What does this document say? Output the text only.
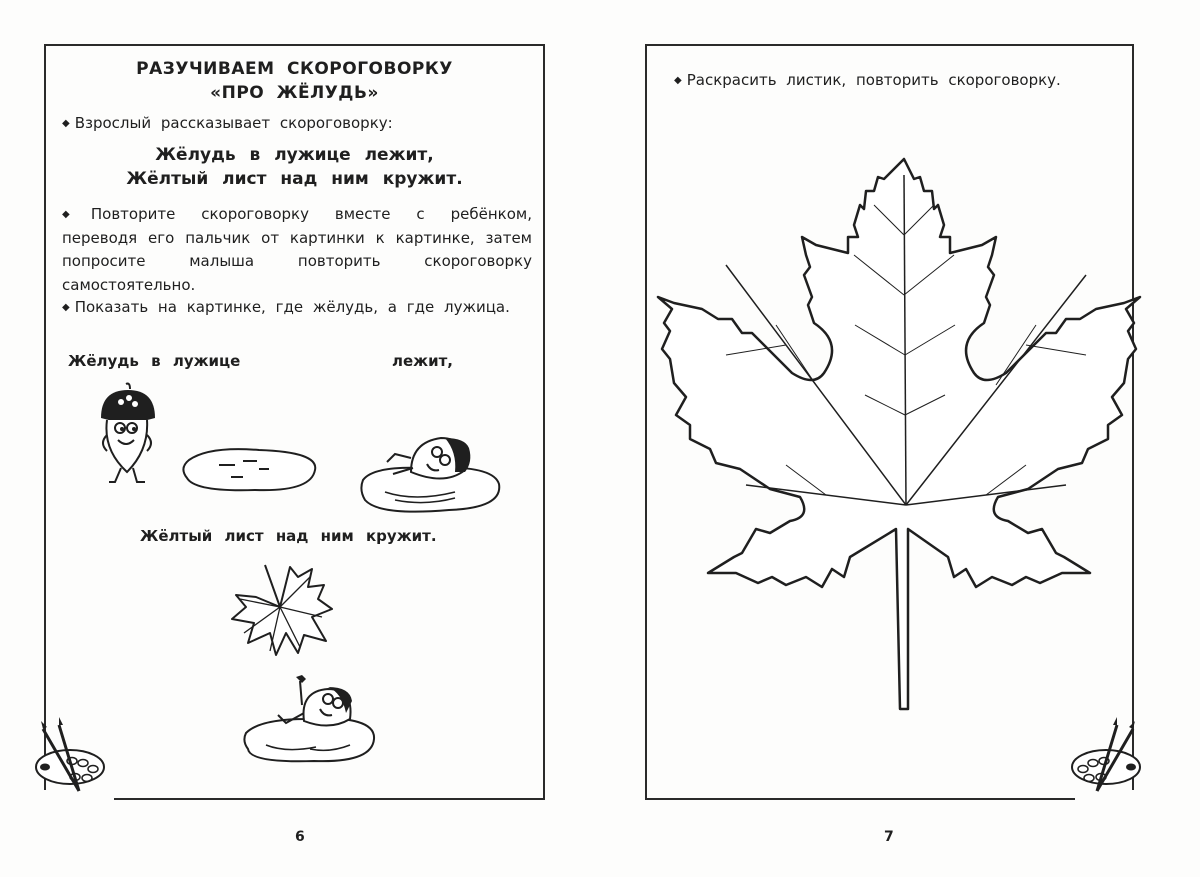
РАЗУЧИВАЕМ СКОРОГОВОРКУ
«ПРО ЖЁЛУДЬ»
◆ Взрослый рассказывает скороговорку:
Жёлудь в лужице лежит,
Жёлтый лист над ним кружит.
◆ Повторите скороговорку вместе с ребёнком, переводя его пальчик от картинки к картинке, затем попросите малыша повторить скороговорку самостоятельно.
◆ Показать на картинке, где жёлудь, а где лужица.
Жёлудь в лужице	лежит,
Жёлтый лист над ним кружит.
6
◆ Раскрасить листик, повторить скороговорку.
7
